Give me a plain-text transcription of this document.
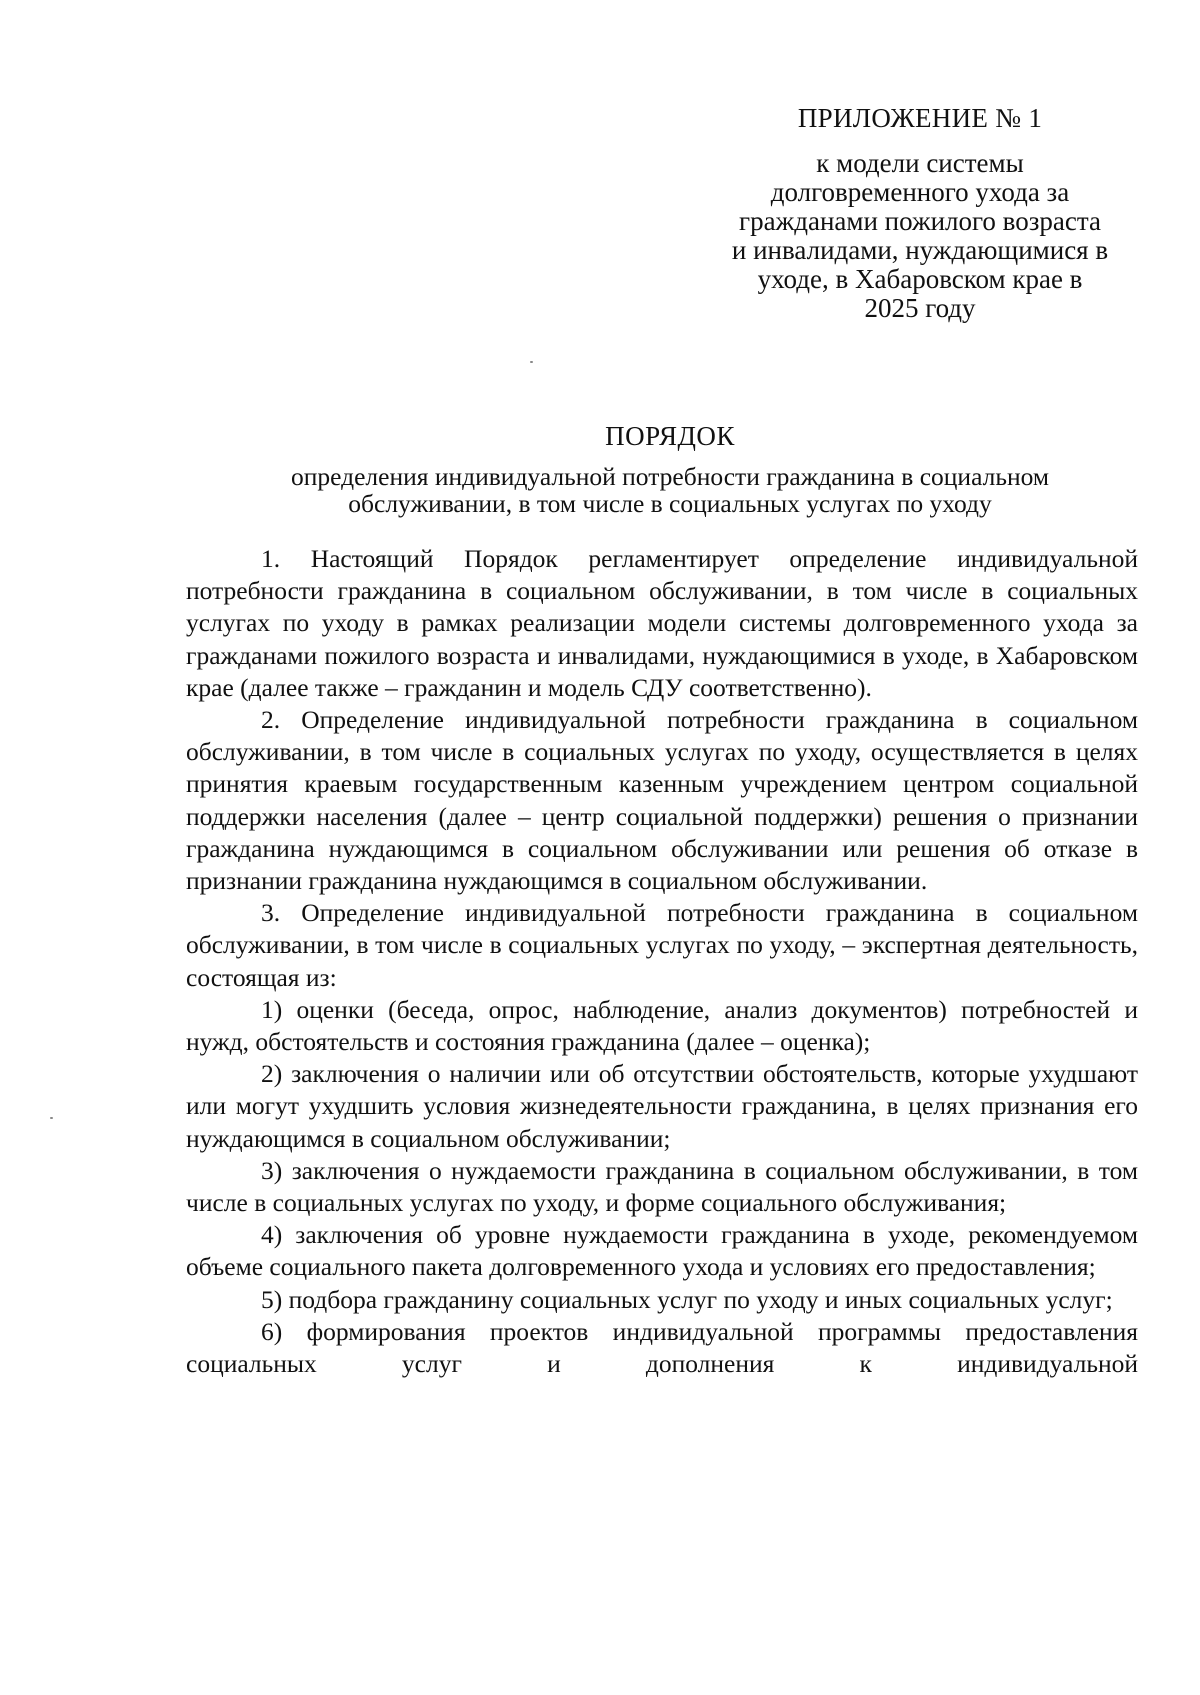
ПРИЛОЖЕНИЕ № 1
к модели системы
долговременного ухода за
гражданами пожилого возраста
и инвалидами, нуждающимися в
уходе, в Хабаровском крае в
2025 году
ПОРЯДОК
определения индивидуальной потребности гражданина в социальном
обслуживании, в том числе в социальных услугах по уходу

1. Настоящий Порядок регламентирует определение индивидуальной потребности гражданина в социальном обслуживании, в том числе в социальных услугах по уходу в рамках реализации модели системы долговременного ухода за гражданами пожилого возраста и инвалидами, нуждающимися в уходе, в Хабаровском крае (далее также – гражданин и модель СДУ соответственно).

2. Определение индивидуальной потребности гражданина в социальном обслуживании, в том числе в социальных услугах по уходу, осуществляется в целях принятия краевым государственным казенным учреждением центром социальной поддержки населения (далее – центр социальной поддержки) решения о признании гражданина нуждающимся в социальном обслуживании или решения об отказе в признании гражданина нуждающимся в социальном обслуживании.

3. Определение индивидуальной потребности гражданина в социальном обслуживании, в том числе в социальных услугах по уходу, – экспертная деятельность, состоящая из:

1) оценки (беседа, опрос, наблюдение, анализ документов) потребностей и нужд, обстоятельств и состояния гражданина (далее – оценка);

2) заключения о наличии или об отсутствии обстоятельств, которые ухудшают или могут ухудшить условия жизнедеятельности гражданина, в целях признания его нуждающимся в социальном обслуживании;

3) заключения о нуждаемости гражданина в социальном обслуживании, в том числе в социальных услугах по уходу, и форме социального обслуживания;

4) заключения об уровне нуждаемости гражданина в уходе, рекомендуемом объеме социального пакета долговременного ухода и условиях его предоставления;

5) подбора гражданину социальных услуг по уходу и иных социальных услуг;

6) формирования проектов индивидуальной программы предоставления социальных услуг и дополнения к индивидуальной
